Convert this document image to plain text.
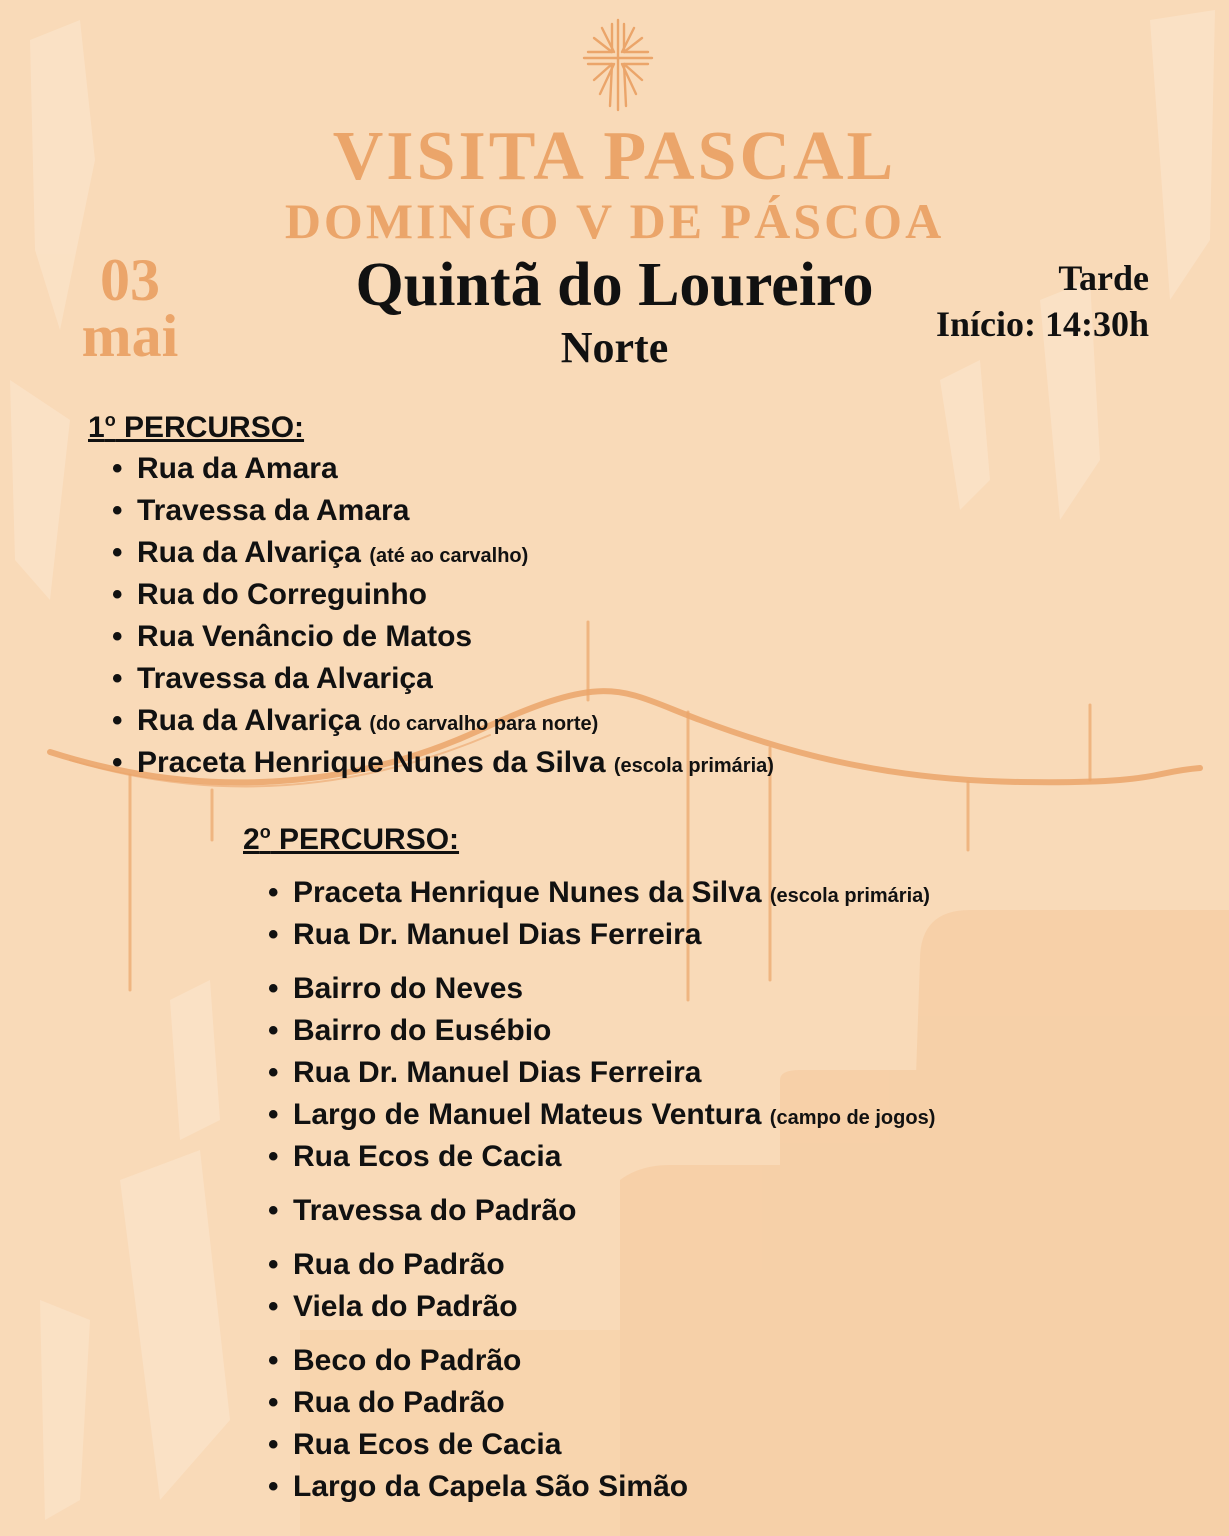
VISITA PASCAL
DOMINGO V DE PÁSCOA
03
mai
Quintã do Loureiro
Norte
Tarde
Início: 14:30h
1$^o$ PERCURSO:
• Rua da Amara
• Travessa da Amara
• Rua da Alvariça (até ao carvalho)
• Rua do Correguinho
• Rua Venâncio de Matos
• Travessa da Alvariça
• Rua da Alvariça (do carvalho para norte)
• Praceta Henrique Nunes da Silva (escola primária)
2$^o$ PERCURSO:
• Praceta Henrique Nunes da Silva (escola primária)
• Rua Dr. Manuel Dias Ferreira
• Bairro do Neves
• Bairro do Eusébio
• Rua Dr. Manuel Dias Ferreira
• Largo de Manuel Mateus Ventura (campo de jogos)
• Rua Ecos de Cacia
• Travessa do Padrão
• Rua do Padrão
• Viela do Padrão
• Beco do Padrão
• Rua do Padrão
• Rua Ecos de Cacia
• Largo da Capela São Simão
